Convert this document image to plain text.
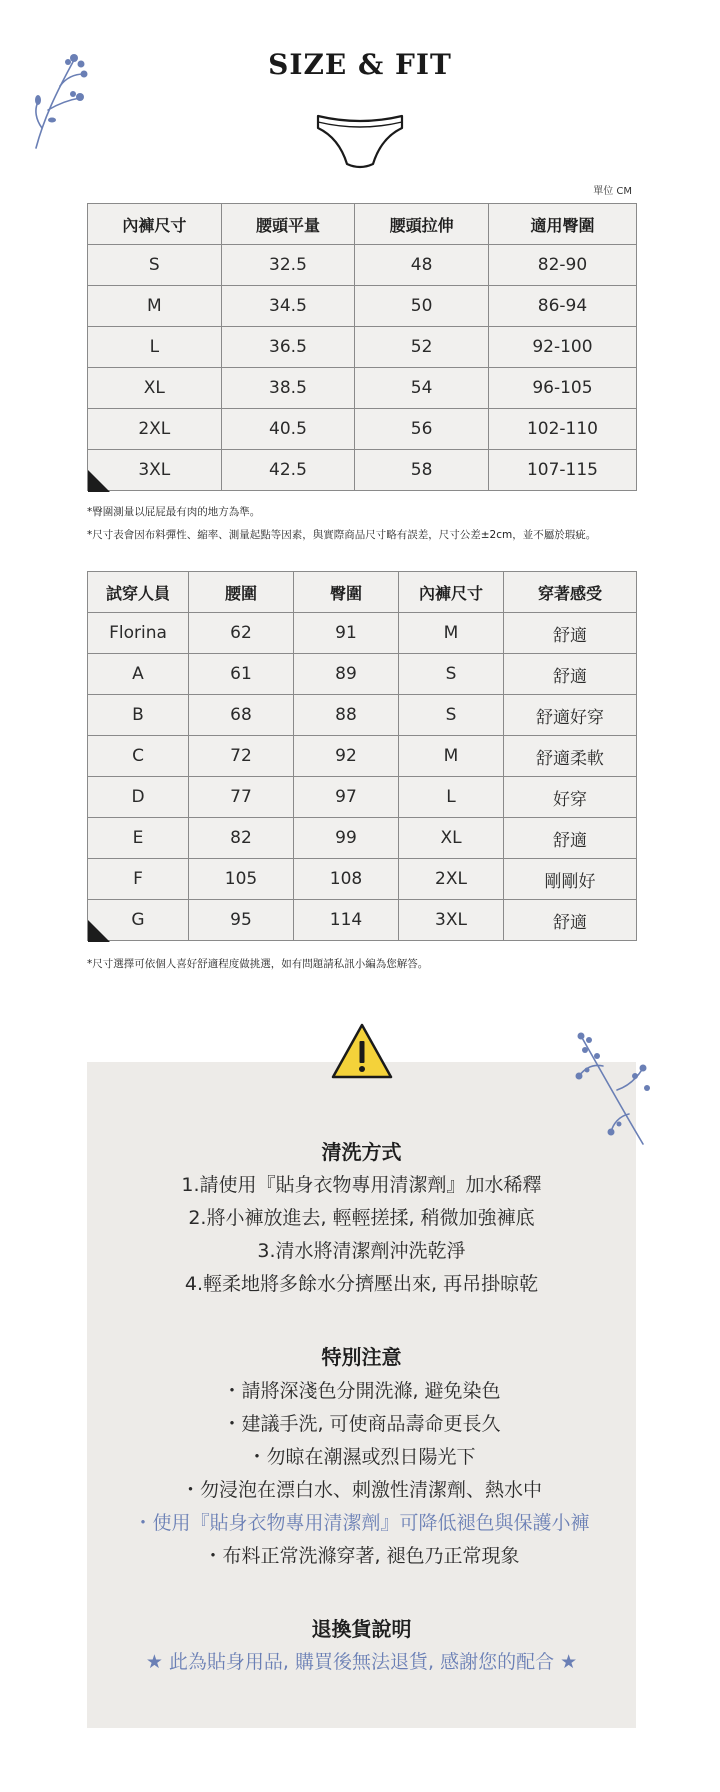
SIZE & FIT
單位 CM
內褲尺寸	腰頭平量	腰頭拉伸	適用臀圍
S	32.5	48	82-90
M	34.5	50	86-94
L	36.5	52	92-100
XL	38.5	54	96-105
2XL	40.5	56	102-110
3XL	42.5	58	107-115
*臀圍測量以屁屁最有肉的地方為準。
*尺寸表會因布料彈性、縮率、測量起點等因素，與實際商品尺寸略有誤差，尺寸公差±2cm，並不屬於瑕疵。
試穿人員	腰圍	臀圍	內褲尺寸	穿著感受
Florina	62	91	M	舒適
A	61	89	S	舒適
B	68	88	S	舒適好穿
C	72	92	M	舒適柔軟
D	77	97	L	好穿
E	82	99	XL	舒適
F	105	108	2XL	剛剛好
G	95	114	3XL	舒適
*尺寸選擇可依個人喜好舒適程度做挑選，如有問題請私訊小編為您解答。
清洗方式
1.請使用『貼身衣物專用清潔劑』加水稀釋
2.將小褲放進去, 輕輕搓揉, 稍微加強褲底
3.清水將清潔劑沖洗乾淨
4.輕柔地將多餘水分擠壓出來, 再吊掛晾乾
特別注意
・請將深淺色分開洗滌, 避免染色
・建議手洗, 可使商品壽命更長久
・勿晾在潮濕或烈日陽光下
・勿浸泡在漂白水、刺激性清潔劑、熱水中
・使用『貼身衣物專用清潔劑』可降低褪色與保護小褲
・布料正常洗滌穿著, 褪色乃正常現象
退換貨說明
★ 此為貼身用品, 購買後無法退貨, 感謝您的配合 ★
